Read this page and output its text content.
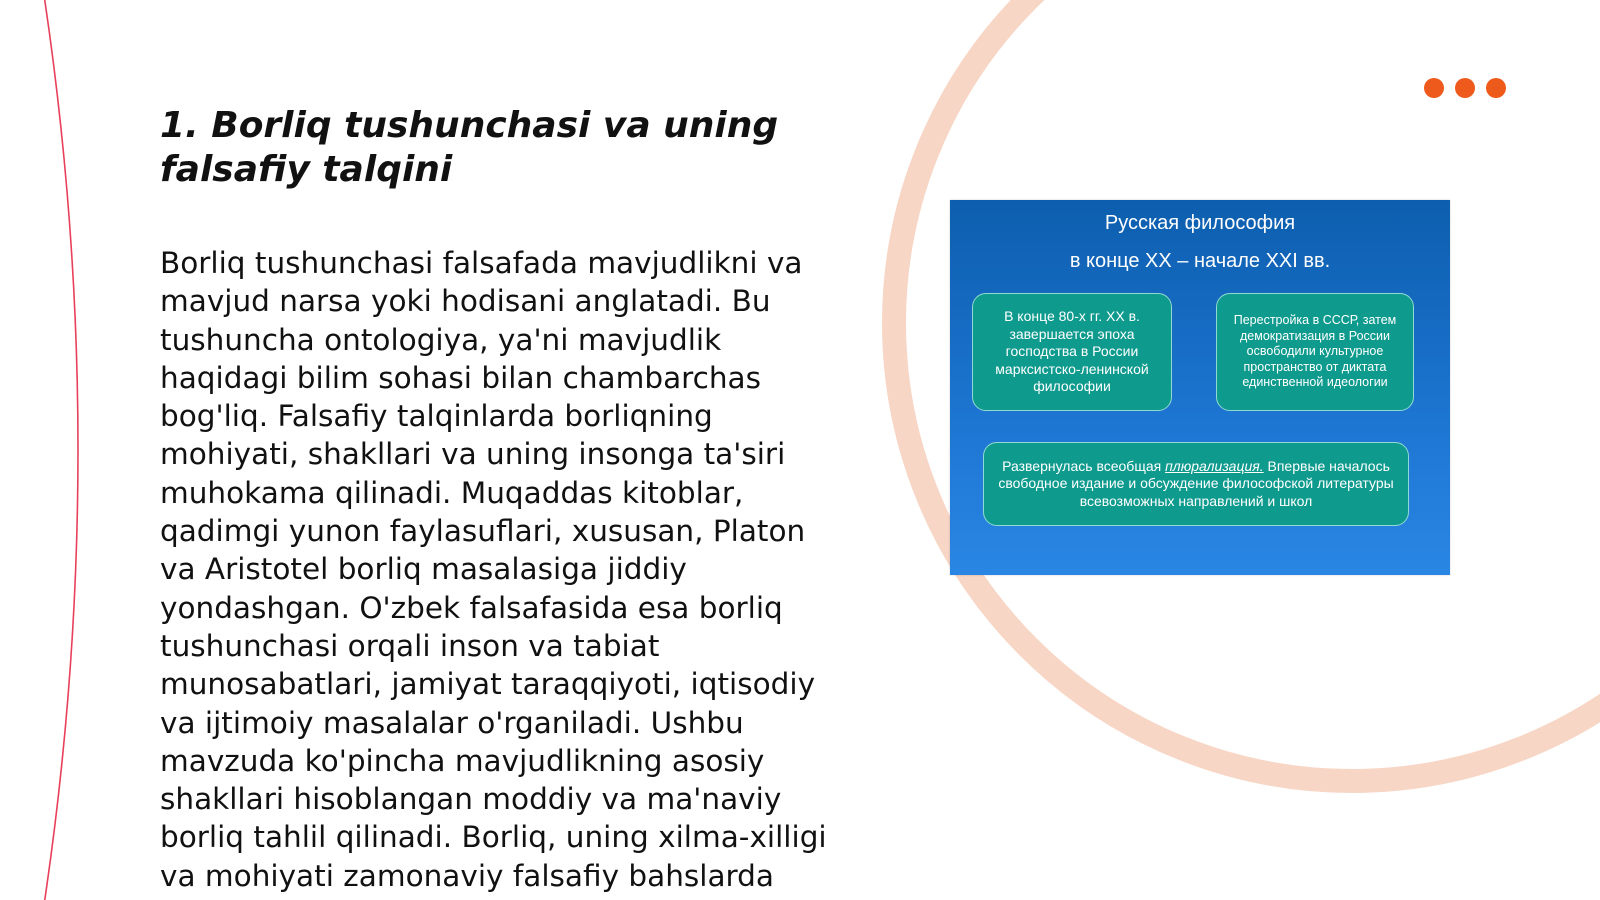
1. Borliq tushunchasi va uning falsafiy talqini

Borliq tushunchasi falsafada mavjudlikni va mavjud narsa yoki hodisani anglatadi. Bu tushuncha ontologiya, ya'ni mavjudlik haqidagi bilim sohasi bilan chambarchas bog'liq. Falsafiy talqinlarda borliqning mohiyati, shakllari va uning insonga ta'siri muhokama qilinadi. Muqaddas kitoblar, qadimgi yunon faylasuflari, xususan, Platon va Aristotel borliq masalasiga jiddiy yondashgan. O'zbek falsafasida esa borliq tushunchasi orqali inson va tabiat munosabatlari, jamiyat taraqqiyoti, iqtisodiy va ijtimoiy masalalar o'rganiladi. Ushbu mavzuda ko'pincha mavjudlikning asosiy shakllari hisoblangan moddiy va ma'naviy borliq tahlil qilinadi. Borliq, uning xilma-xilligi va mohiyati zamonaviy falsafiy bahslarda

Русская философия
в конце XX – начале XXI вв.
В конце 80-х гг. XX в. завершается эпоха господства в России марксистско-ленинской философии
Перестройка в СССР, затем демократизация в России освободили культурное пространство от диктата единственной идеологии
Развернулась всеобщая плюрализация. Впервые началось свободное издание и обсуждение философской литературы всевозможных направлений и школ
